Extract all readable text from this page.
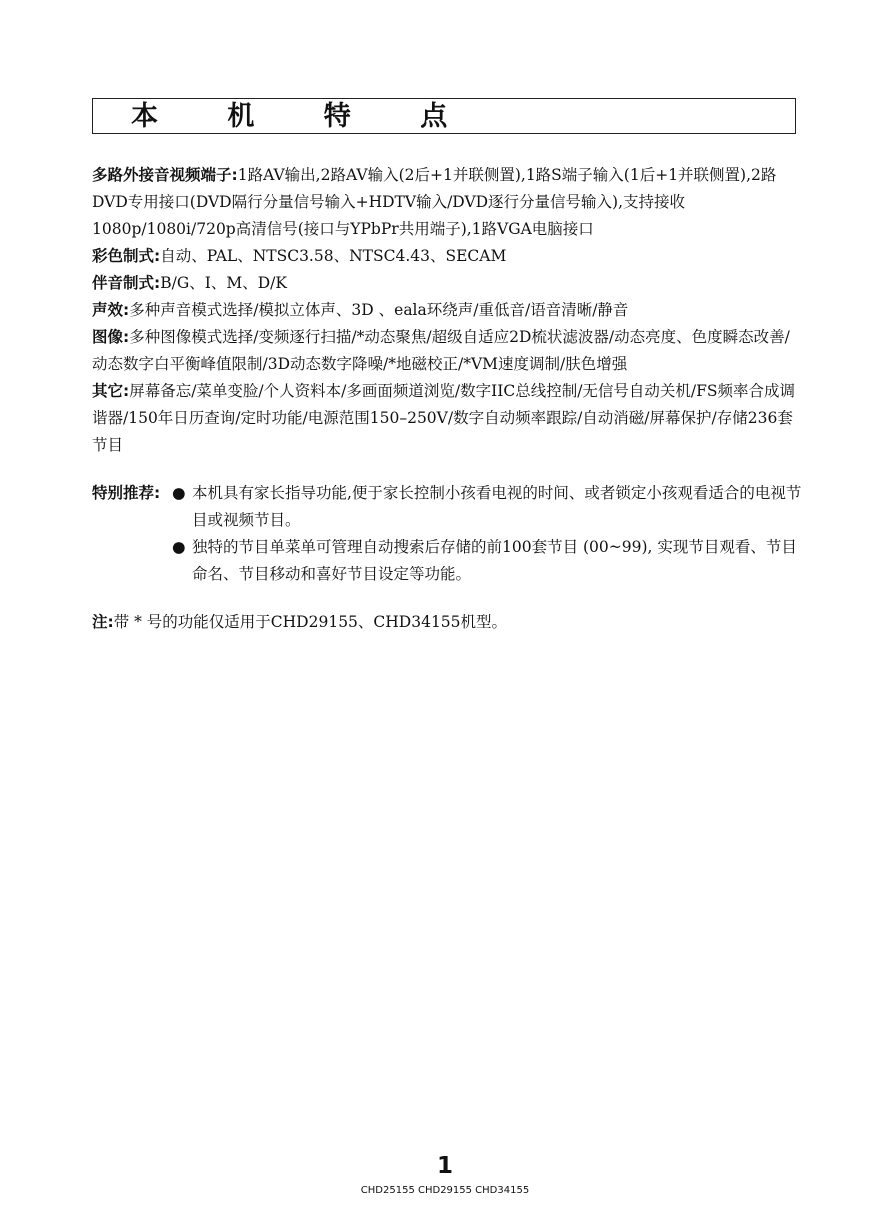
本 机 特 点

多路外接音视频端子:1路AV输出,2路AV输入(2后+1并联侧置),1路S端子输入(1后+1并联侧置),2路DVD专用接口(DVD隔行分量信号输入+HDTV输入/DVD逐行分量信号输入),支持接收1080p/1080i/720p高清信号(接口与YPbPr共用端子),1路VGA电脑接口

彩色制式:自动、PAL、NTSC3.58、NTSC4.43、SECAM

伴音制式:B/G、I、M、D/K

声效:多种声音模式选择/模拟立体声、3D 、eala环绕声/重低音/语音清晰/静音

图像:多种图像模式选择/变频逐行扫描/*动态聚焦/超级自适应2D梳状滤波器/动态亮度、色度瞬态改善/动态数字白平衡峰值限制/3D动态数字降噪/*地磁校正/*VM速度调制/肤色增强

其它:屏幕备忘/菜单变脸/个人资料本/多画面频道浏览/数字IIC总线控制/无信号自动关机/FS频率合成调谐器/150年日历查询/定时功能/电源范围150–250V/数字自动频率跟踪/自动消磁/屏幕保护/存储236套节目

特别推荐: ● 本机具有家长指导功能,便于家长控制小孩看电视的时间、或者锁定小孩观看适合的电视节目或视频节目。
● 独特的节目单菜单可管理自动搜索后存储的前100套节目 (00~99), 实现节目观看、节目命名、节目移动和喜好节目设定等功能。

注:带 * 号的功能仅适用于CHD29155、CHD34155机型。

1
CHD25155 CHD29155 CHD34155
